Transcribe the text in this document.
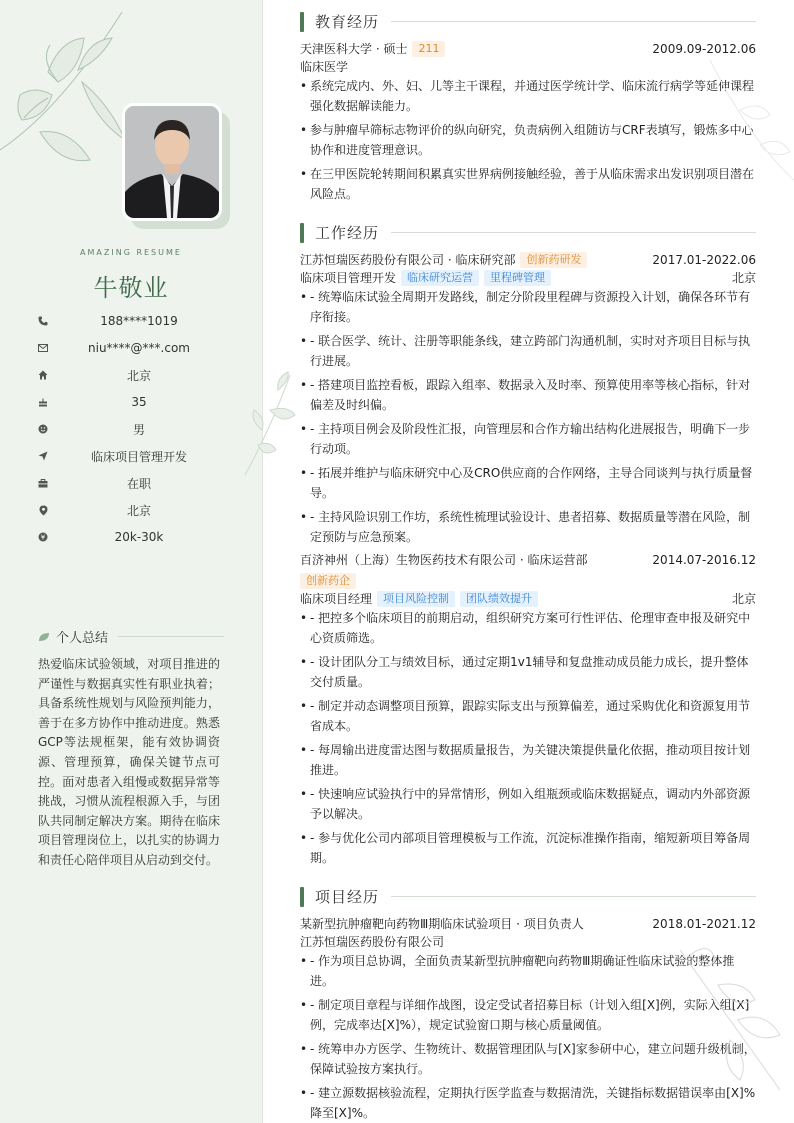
AMAZING RESUME
牛敬业
188****1019
niu****@***.com
北京
35
男
临床项目管理开发
在职
北京
¥	20k-30k
个人总结
热爱临床试验领域，对项目推进的严谨性与数据真实性有职业执着；具备系统性规划与风险预判能力，善于在多方协作中推动进度。熟悉GCP等法规框架，能有效协调资源、管理预算，确保关键节点可控。面对患者入组慢或数据异常等挑战，习惯从流程根源入手，与团队共同制定解决方案。期待在临床项目管理岗位上，以扎实的协调力和责任心陪伴项目从启动到交付。
教育经历
天津医科大学 · 硕士	211	2009.09-2012.06
临床医学
• 系统完成内、外、妇、儿等主干课程，并通过医学统计学、临床流行病学等延伸课程强化数据解读能力。
• 参与肿瘤早筛标志物评价的纵向研究，负责病例入组随访与CRF表填写，锻炼多中心协作和进度管理意识。
• 在三甲医院轮转期间积累真实世界病例接触经验，善于从临床需求出发识别项目潜在风险点。
工作经历
江苏恒瑞医药股份有限公司 · 临床研究部	创新药研发	2017.01-2022.06
临床项目管理开发	临床研究运营	里程碑管理	北京
• - 统筹临床试验全周期开发路线，制定分阶段里程碑与资源投入计划，确保各环节有序衔接。
• - 联合医学、统计、注册等职能条线，建立跨部门沟通机制，实时对齐项目目标与执行进展。
• - 搭建项目监控看板，跟踪入组率、数据录入及时率、预算使用率等核心指标，针对偏差及时纠偏。
• - 主持项目例会及阶段性汇报，向管理层和合作方输出结构化进展报告，明确下一步行动项。
• - 拓展并维护与临床研究中心及CRO供应商的合作网络，主导合同谈判与执行质量督导。
• - 主持风险识别工作坊，系统性梳理试验设计、患者招募、数据质量等潜在风险，制定预防与应急预案。
百济神州（上海）生物医药技术有限公司 · 临床运营部	2014.07-2016.12
创新药企
临床项目经理	项目风险控制	团队绩效提升	北京
• - 把控多个临床项目的前期启动，组织研究方案可行性评估、伦理审查申报及研究中心资质筛选。
• - 设计团队分工与绩效目标，通过定期1v1辅导和复盘推动成员能力成长，提升整体交付质量。
• - 制定并动态调整项目预算，跟踪实际支出与预算偏差，通过采购优化和资源复用节省成本。
• - 每周输出进度雷达图与数据质量报告，为关键决策提供量化依据，推动项目按计划推进。
• - 快速响应试验执行中的异常情形，例如入组瓶颈或临床数据疑点，调动内外部资源予以解决。
• - 参与优化公司内部项目管理模板与工作流，沉淀标准操作指南，缩短新项目筹备周期。
项目经历
某新型抗肿瘤靶向药物Ⅲ期临床试验项目 · 项目负责人	2018.01-2021.12
江苏恒瑞医药股份有限公司
• - 作为项目总协调，全面负责某新型抗肿瘤靶向药物Ⅲ期确证性临床试验的整体推进。
• - 制定项目章程与详细作战图，设定受试者招募目标（计划入组[X]例，实际入组[X]例，完成率达[X]%），规定试验窗口期与核心质量阈值。
• - 统筹申办方医学、生物统计、数据管理团队与[X]家参研中心，建立问题升级机制，保障试验按方案执行。
• - 建立源数据核验流程，定期执行医学监查与数据清洗，关键指标数据错误率由[X]%降至[X]%。
